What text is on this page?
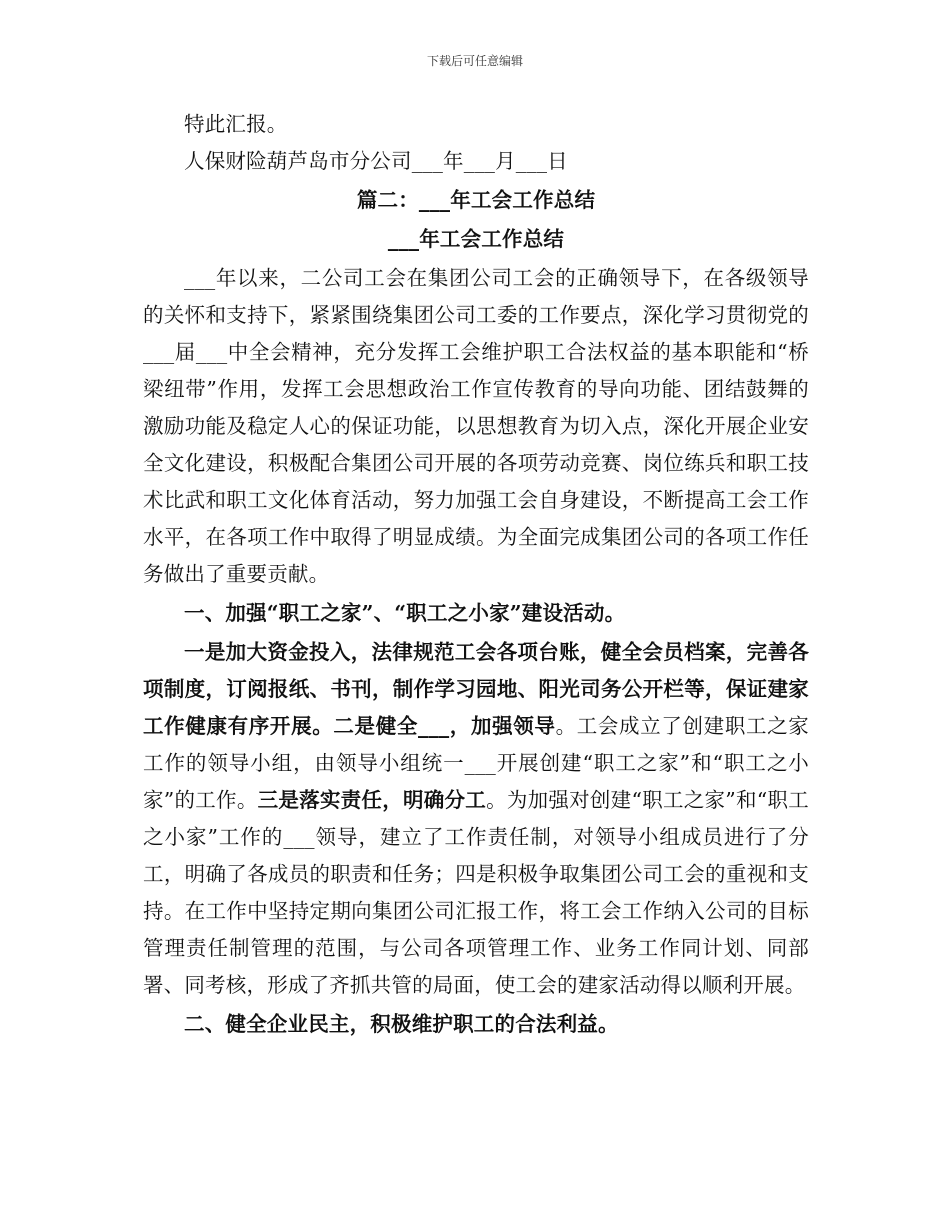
下载后可任意编辑

特此汇报。

人保财险葫芦岛市分公司___年___月___日

篇二：___年工会工作总结

___年工会工作总结

___年以来，二公司工会在集团公司工会的正确领导下，在各级领导的关怀和支持下，紧紧围绕集团公司工委的工作要点，深化学习贯彻党的___届___中全会精神，充分发挥工会维护职工合法权益的基本职能和“桥梁纽带”作用，发挥工会思想政治工作宣传教育的导向功能、团结鼓舞的激励功能及稳定人心的保证功能，以思想教育为切入点，深化开展企业安全文化建设，积极配合集团公司开展的各项劳动竞赛、岗位练兵和职工技术比武和职工文化体育活动，努力加强工会自身建设，不断提高工会工作水平，在各项工作中取得了明显成绩。为全面完成集团公司的各项工作任务做出了重要贡献。

一、加强“职工之家”、“职工之小家”建设活动。

一是加大资金投入，法律规范工会各项台账，健全会员档案，完善各项制度，订阅报纸、书刊，制作学习园地、阳光司务公开栏等，保证建家工作健康有序开展。二是健全___，加强领导。工会成立了创建职工之家工作的领导小组，由领导小组统一___开展创建“职工之家”和“职工之小家”的工作。三是落实责任，明确分工。为加强对创建“职工之家”和“职工之小家”工作的___领导，建立了工作责任制，对领导小组成员进行了分工，明确了各成员的职责和任务；四是积极争取集团公司工会的重视和支持。在工作中坚持定期向集团公司汇报工作，将工会工作纳入公司的目标管理责任制管理的范围，与公司各项管理工作、业务工作同计划、同部署、同考核，形成了齐抓共管的局面，使工会的建家活动得以顺利开展。

二、健全企业民主，积极维护职工的合法利益。
